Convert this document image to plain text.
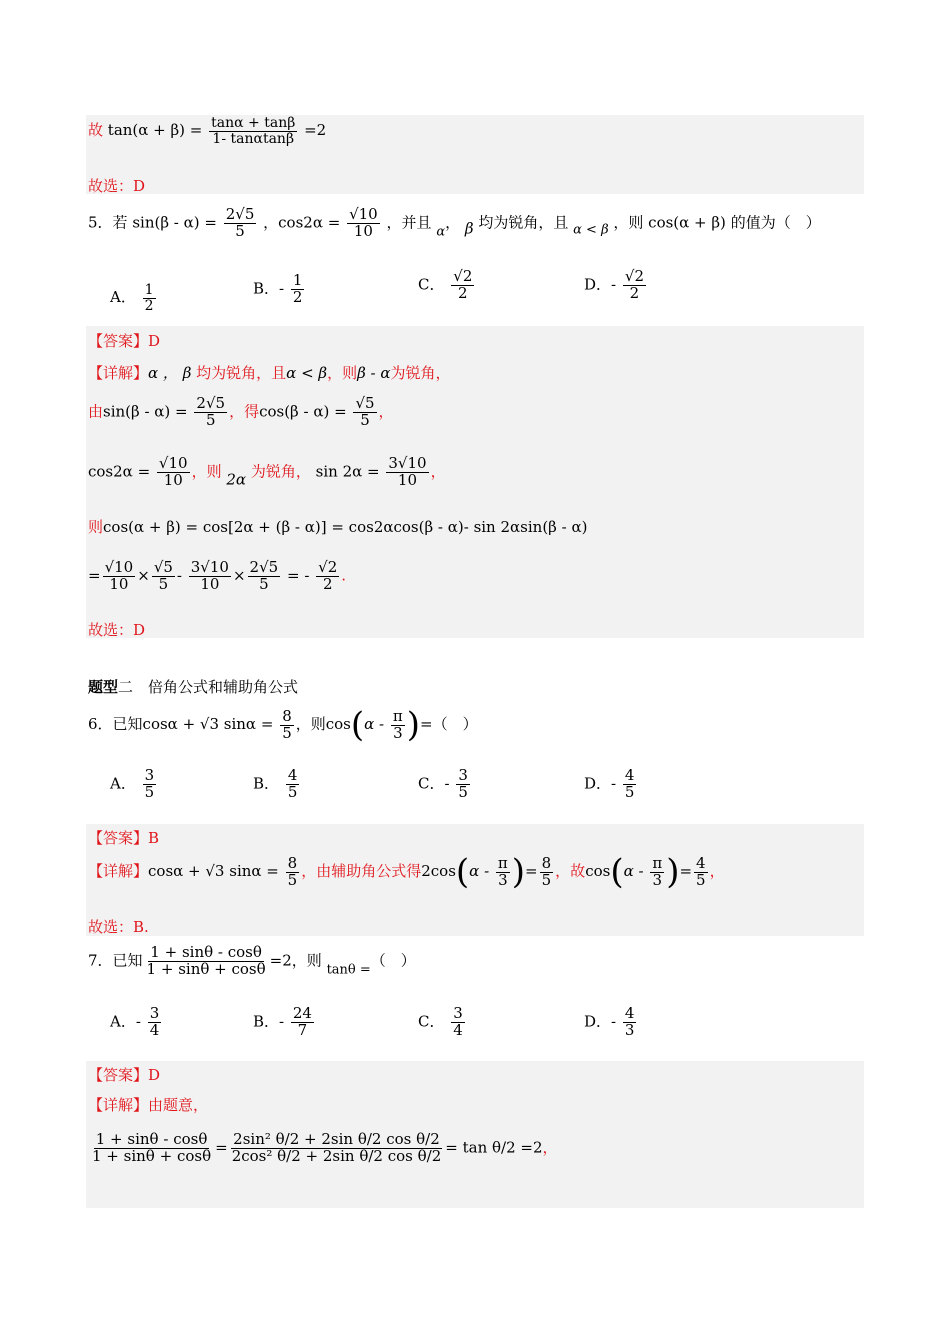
故 $\tan(\alpha + \beta) = \frac{\tan\alpha + \tan\beta}{1- \tan\alpha\tan\beta} =2$
故选：D
5．若 $\sin(\beta - \alpha) = \frac{2√5}{5}$ ，$\cos 2\alpha = \frac{√10}{10}$ ，并且 α， β 均为锐角，且 α < β ，则 cos(α + β) 的值为（　）
A． $\frac{1}{2}$	B．- $\frac{1}{2}$	C． $\frac{√2}{2}$	D．- $\frac{√2}{2}$
【答案】D
【详解】α ， β 均为锐角，且α < β，则β - α为锐角，
由$\sin(\beta - \alpha) = \frac{2√5}{5}$ ，得$\cos(\beta - \alpha) = \frac{√5}{5}$ ，
$\cos 2\alpha = \frac{√10}{10}$ ，则 2α 为锐角， $\sin 2\alpha = \frac{3√10}{10}$ ，
则cos(α + β) = cos[2α + (β - α)] = cos2αcos(β - α)- sin 2αsin(β - α)
= $\frac{√10}{10} \times \frac{√5}{5} - \frac{3√10}{10} \times \frac{2√5}{5}$ = - $\frac{√2}{2}$ .
故选：D
题型二　倍角公式和辅助角公式
6．已知cosα + √3 $\sin\alpha = \frac{8}{5}$ ，则$\cos(\alpha - \frac{\pi}{3}$ )=（　）
A． $\frac{3}{5}$	B． $\frac{4}{5}$	C．- $\frac{3}{5}$	D．- $\frac{4}{5}$
【答案】B
【详解】cosα + √3 $\sin\alpha = \frac{8}{5}$ ，由辅助角公式得$2\cos(\alpha - \frac{\pi}{3}$ )= $\frac{8}{5}$ ，故$\cos(\alpha - \frac{\pi}{3}$ )= $\frac{4}{5}$ ，
故选：B.
7．已知 $\frac{1 + \sin\theta - \cos\theta}{1 + \sin\theta + \cos\theta} =2$，则 tanθ =（　）
A．- $\frac{3}{4}$	B．- $\frac{24}{7}$	C． $\frac{3}{4}$	D．- $\frac{4}{3}$
【答案】D
【详解】由题意，
$\frac{1 + \sin\theta - \cos\theta}{1 + \sin\theta + \cos\theta} = \frac{\text{2sin² θ/2 + 2sin θ/2 cos θ/2}}{\text{2cos² θ/2 + 2sin θ/2 cos θ/2}} = \tan \theta/2 =2$，
